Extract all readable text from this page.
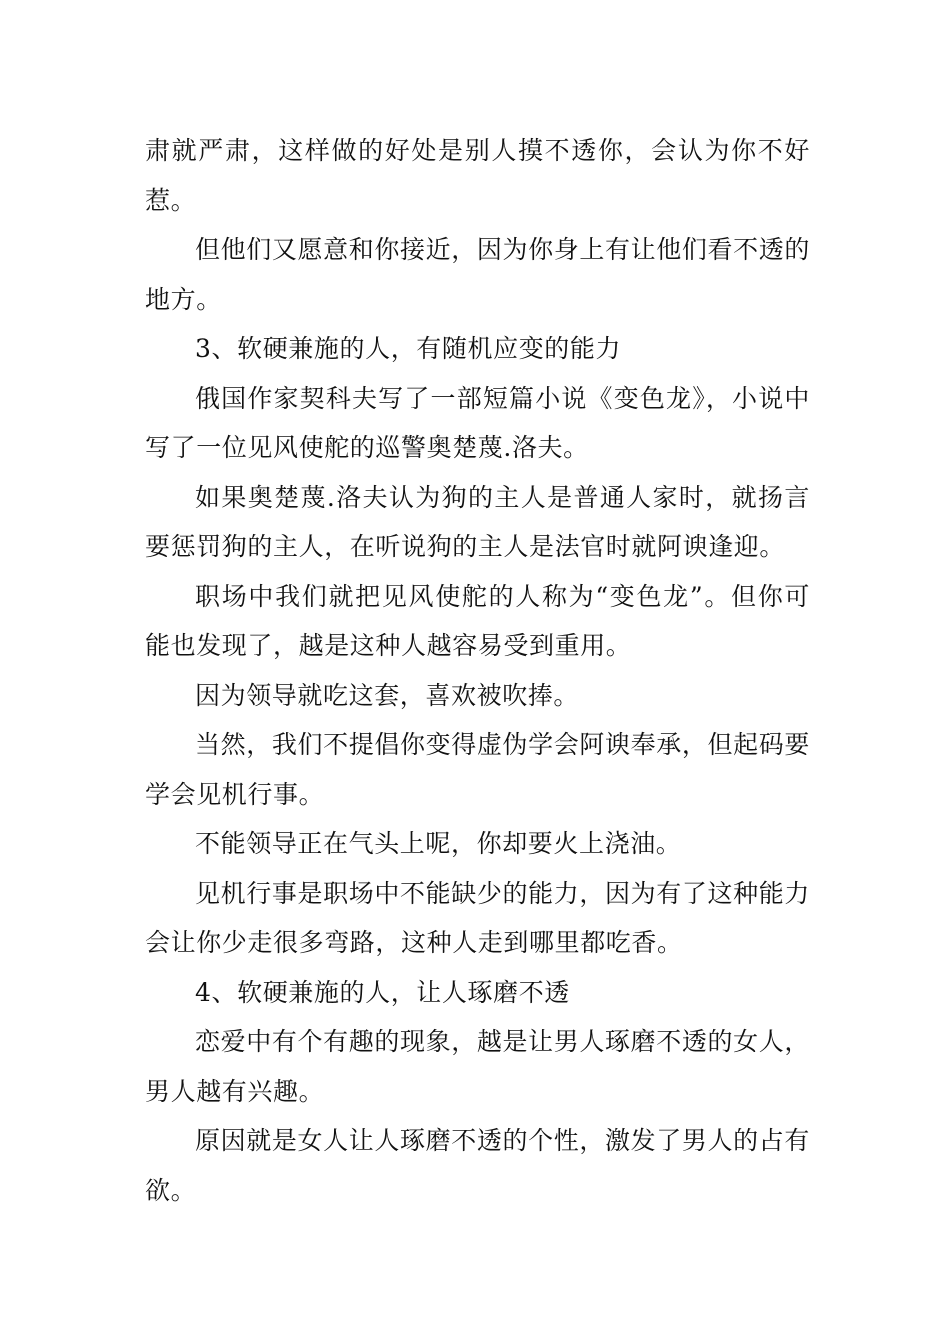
肃就严肃，这样做的好处是别人摸不透你，会认为你不好惹。

但他们又愿意和你接近，因为你身上有让他们看不透的地方。

3、软硬兼施的人，有随机应变的能力

俄国作家契科夫写了一部短篇小说《变色龙》，小说中写了一位见风使舵的巡警奥楚蔑.洛夫。

如果奥楚蔑.洛夫认为狗的主人是普通人家时，就扬言要惩罚狗的主人，在听说狗的主人是法官时就阿谀逢迎。

职场中我们就把见风使舵的人称为“变色龙”。但你可能也发现了，越是这种人越容易受到重用。

因为领导就吃这套，喜欢被吹捧。

当然，我们不提倡你变得虚伪学会阿谀奉承，但起码要学会见机行事。

不能领导正在气头上呢，你却要火上浇油。

见机行事是职场中不能缺少的能力，因为有了这种能力会让你少走很多弯路，这种人走到哪里都吃香。

4、软硬兼施的人，让人琢磨不透

恋爱中有个有趣的现象，越是让男人琢磨不透的女人，男人越有兴趣。

原因就是女人让人琢磨不透的个性，激发了男人的占有欲。
